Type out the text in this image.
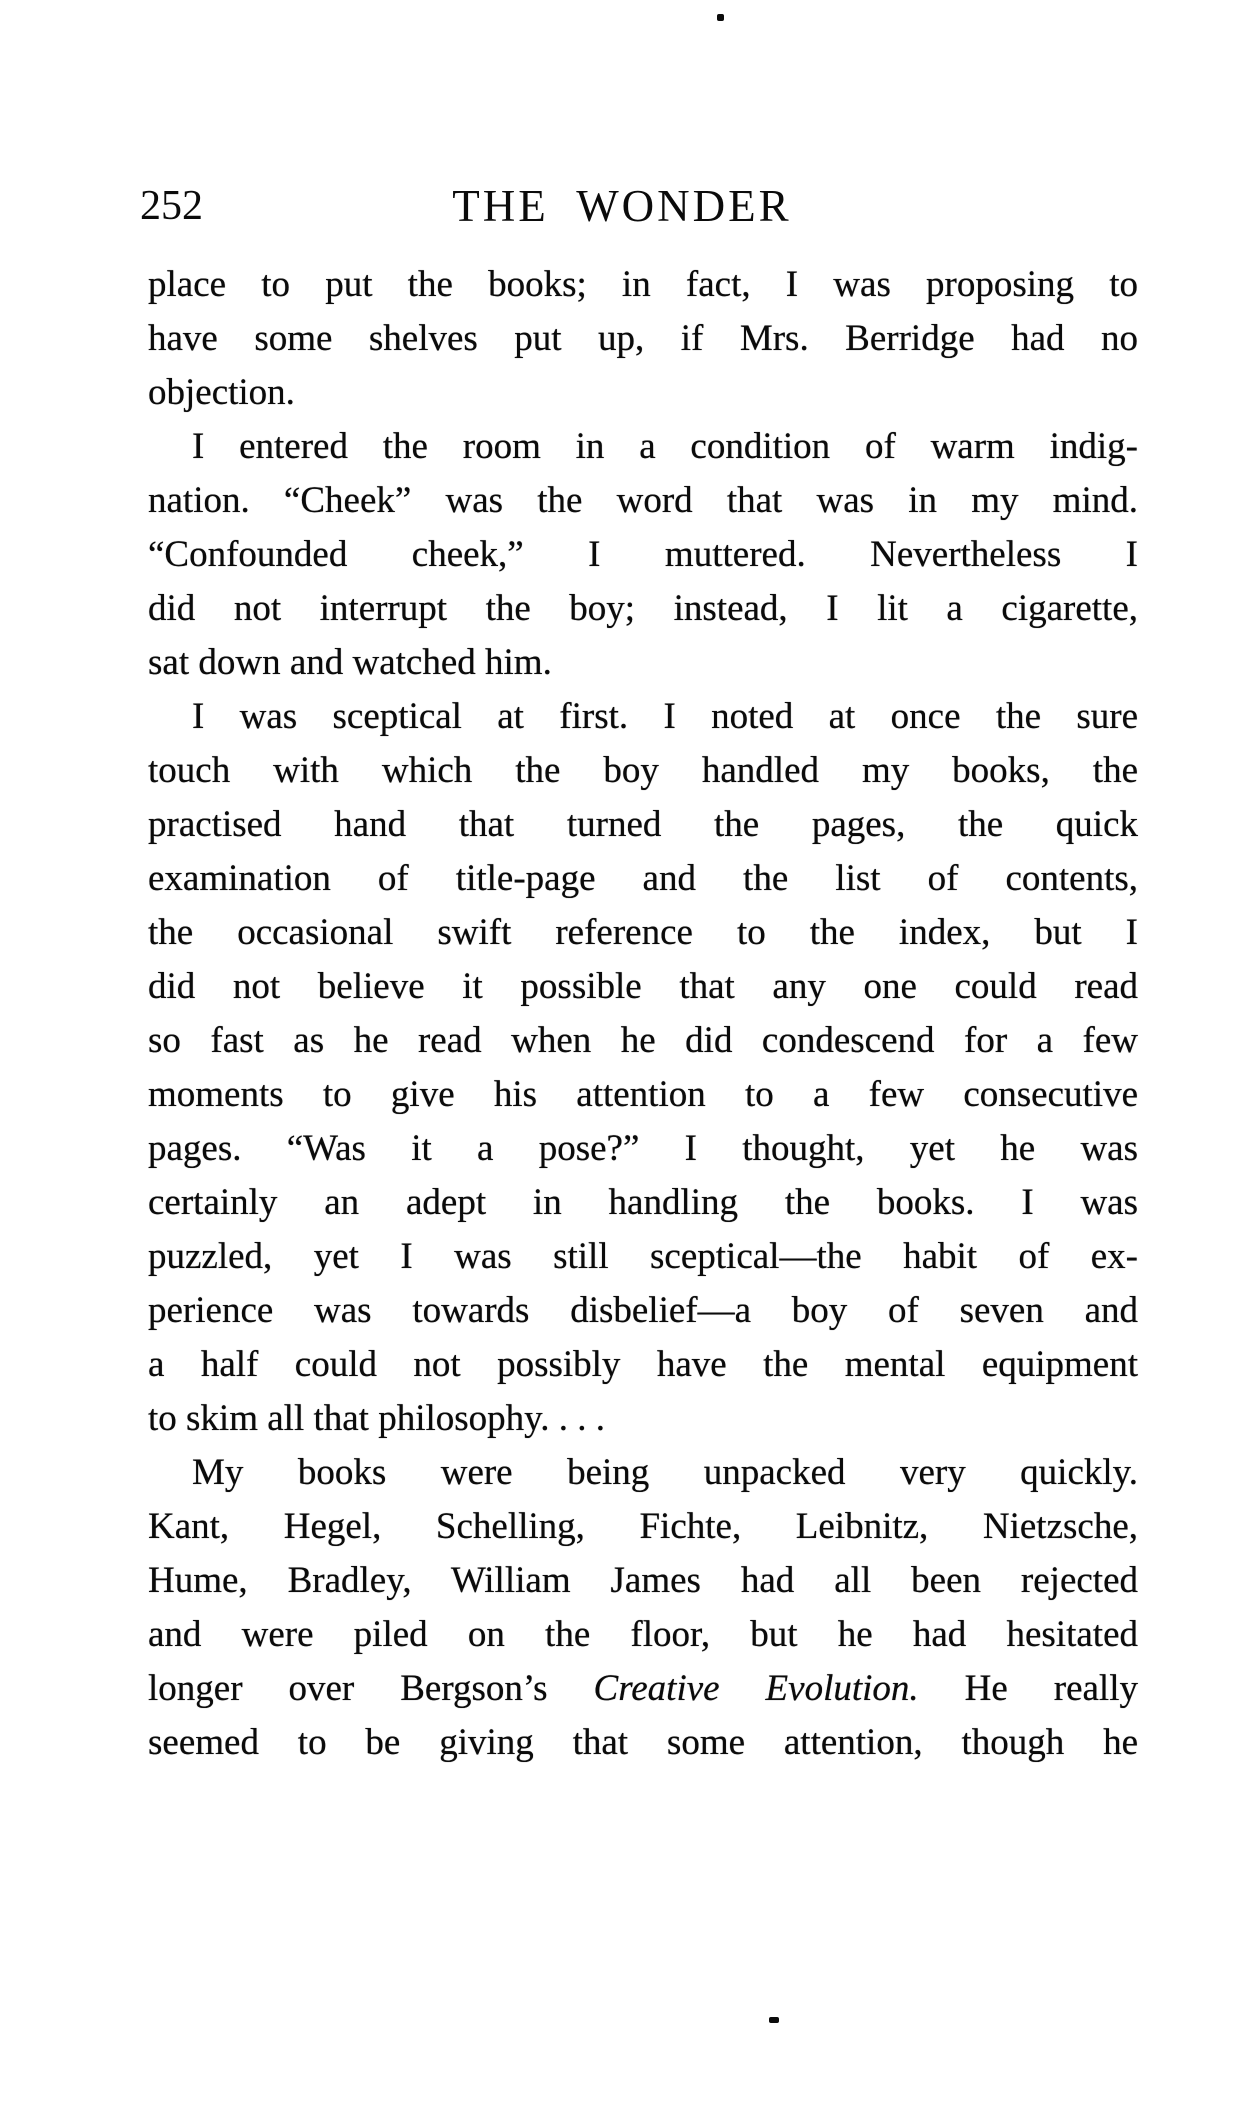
252	THE WONDER
place to put the books; in fact, I was proposing to
have some shelves put up, if Mrs. Berridge had no
objection.
I entered the room in a condition of warm indig-
nation. “Cheek” was the word that was in my mind.
“Confounded cheek,” I muttered. Nevertheless I
did not interrupt the boy; instead, I lit a cigarette,
sat down and watched him.
I was sceptical at first. I noted at once the sure
touch with which the boy handled my books, the
practised hand that turned the pages, the quick
examination of title-page and the list of contents,
the occasional swift reference to the index, but I
did not believe it possible that any one could read
so fast as he read when he did condescend for a few
moments to give his attention to a few consecutive
pages. “Was it a pose?” I thought, yet he was
certainly an adept in handling the books. I was
puzzled, yet I was still sceptical—the habit of ex-
perience was towards disbelief—a boy of seven and
a half could not possibly have the mental equipment
to skim all that philosophy. . . .
My books were being unpacked very quickly.
Kant, Hegel, Schelling, Fichte, Leibnitz, Nietzsche,
Hume, Bradley, William James had all been rejected
and were piled on the floor, but he had hesitated
longer over Bergson’s Creative Evolution. He really
seemed to be giving that some attention, though he
